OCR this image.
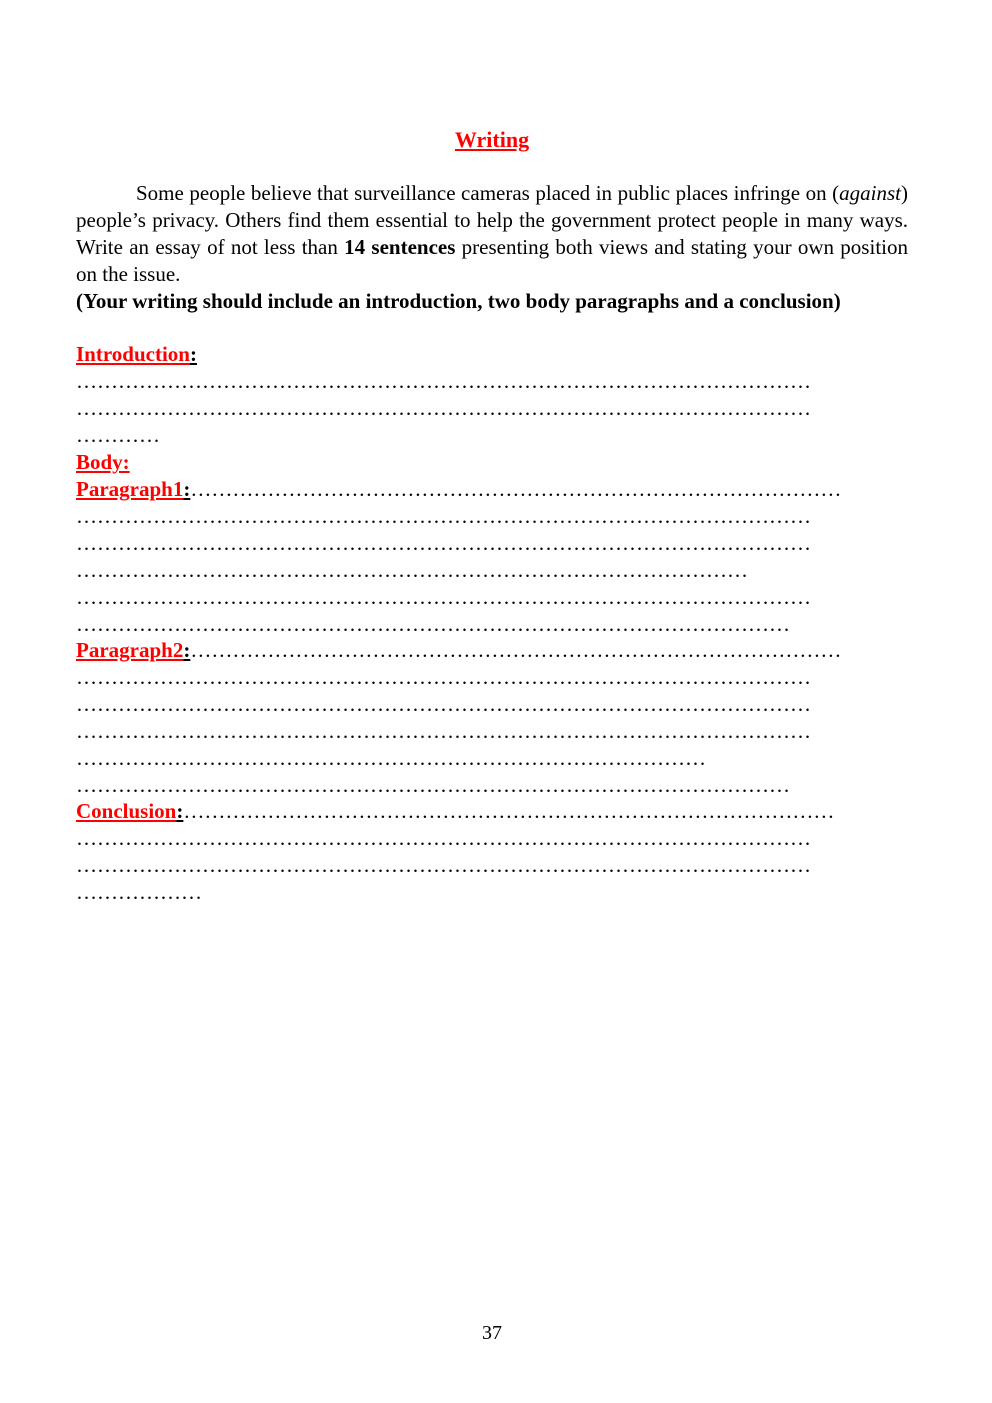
Writing
Some people believe that surveillance cameras placed in public places infringe on (against) people’s privacy. Others find them essential to help the government protect people in many ways. Write an essay of not less than 14 sentences presenting both views and stating your own position on the issue.
(Your writing should include an introduction, two body paragraphs and a conclusion)
Introduction:
……………………………………………………………………………………………
……………………………………………………………………………………………
…………
Body:
Paragraph1:…………………………………………………………………………………
……………………………………………………………………………………………
……………………………………………………………………………………………
……………………………………………………………………………………
……………………………………………………………………………………………
…………………………………………………………………………………………
Paragraph2:…………………………………………………………………………………
……………………………………………………………………………………………
……………………………………………………………………………………………
……………………………………………………………………………………………
………………………………………………………………………………
…………………………………………………………………………………………
Conclusion:…………………………………………………………………………………
……………………………………………………………………………………………
……………………………………………………………………………………………
………………
37
